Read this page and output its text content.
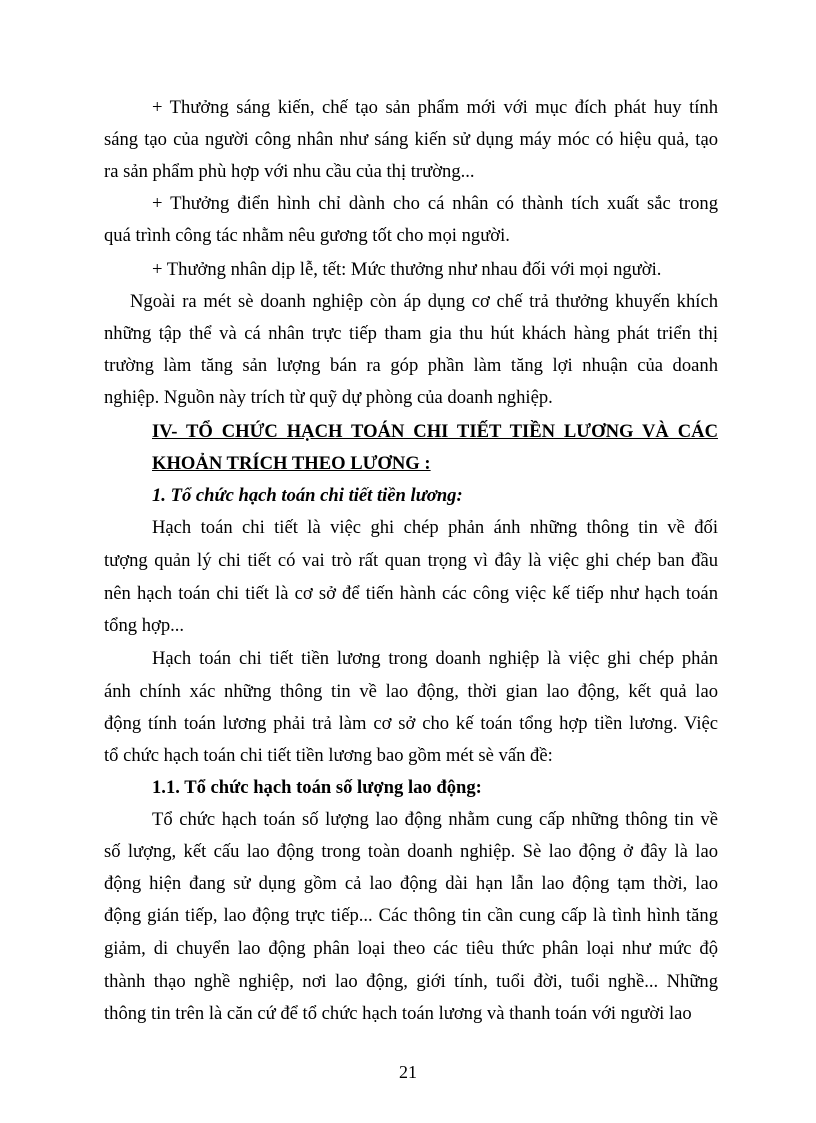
+ Thưởng sáng kiến, chế tạo sản phẩm mới với mục đích phát huy tính
sáng tạo của người công nhân như sáng kiến sử dụng máy móc có hiệu quả, tạo
ra sản phẩm phù hợp với nhu cầu của thị trường...
+ Thưởng điển hình chỉ dành cho cá nhân có thành tích xuất sắc trong
quá trình công tác nhằm nêu gương tốt cho mọi người.
+ Thưởng nhân dịp lễ, tết: Mức thưởng như nhau đối với mọi người.
Ngoài ra mét sè doanh nghiệp còn áp dụng cơ chế trả thưởng khuyến khích
những tập thể và cá nhân trực tiếp tham gia thu hút khách hàng phát triển thị
trường làm tăng sản lượng bán ra góp phần làm tăng lợi nhuận của doanh
nghiệp. Nguồn này trích từ quỹ dự phòng của doanh nghiệp.
IV- TỔ CHỨC HẠCH TOÁN CHI TIẾT TIỀN LƯƠNG VÀ CÁC
KHOẢN TRÍCH THEO LƯƠNG :
1. Tổ chức hạch toán chi tiết tiền lương:
Hạch toán chi tiết là việc ghi chép phản ánh những thông tin về đối
tượng quản lý chi tiết có vai trò rất quan trọng vì đây là việc ghi chép ban đầu
nên hạch toán chi tiết là cơ sở để tiến hành các công việc kế tiếp như hạch toán
tổng hợp...
Hạch toán chi tiết tiền lương trong doanh nghiệp là việc ghi chép phản
ánh chính xác những thông tin về lao động, thời gian lao động, kết quả lao
động tính toán lương phải trả làm cơ sở cho kế toán tổng hợp tiền lương. Việc
tổ chức hạch toán chi tiết tiền lương bao gồm mét sè vấn đề:
1.1. Tổ chức hạch toán số lượng lao động:
Tổ chức hạch toán số lượng lao động nhằm cung cấp những thông tin về
số lượng, kết cấu lao động trong toàn doanh nghiệp. Sè lao động ở đây là lao
động hiện đang sử dụng gồm cả lao động dài hạn lẫn lao động tạm thời, lao
động gián tiếp, lao động trực tiếp... Các thông tin cần cung cấp là tình hình tăng
giảm, di chuyển lao động phân loại theo các tiêu thức phân loại như mức độ
thành thạo nghề nghiệp, nơi lao động, giới tính, tuổi đời, tuổi nghề... Những
thông tin trên là căn cứ để tổ chức hạch toán lương và thanh toán với người lao
21
